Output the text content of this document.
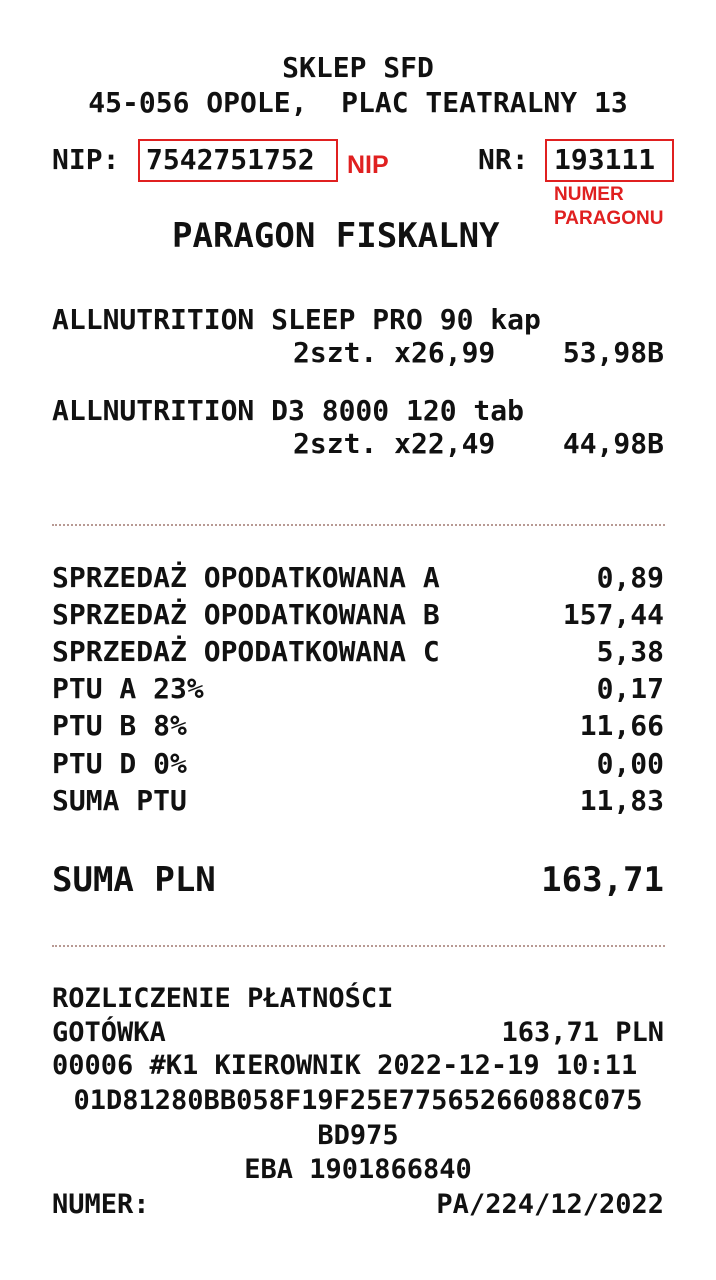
SKLEP SFD
45-056 OPOLE,  PLAC TEATRALNY 13
NIP: 7542751752 NIP	NR: 193111
NUMER
PARAGONU
PARAGON FISKALNY
ALLNUTRITION SLEEP PRO 90 kap
2szt. x26,99 53,98B
ALLNUTRITION D3 8000 120 tab
2szt. x22,49 44,98B
SPRZEDAŻ OPODATKOWANA A	0,89
SPRZEDAŻ OPODATKOWANA B	157,44
SPRZEDAŻ OPODATKOWANA C	5,38
PTU A 23%	0,17
PTU B 8%	11,66
PTU D 0%	0,00
SUMA PTU	11,83
SUMA PLN	163,71
ROZLICZENIE PŁATNOŚCI
GOTÓWKA	163,71 PLN
00006 #K1 KIEROWNIK 2022-12-19 10:11
01D81280BB058F19F25E77565266088C075
BD975
EBA 1901866840
NUMER:	PA/224/12/2022
